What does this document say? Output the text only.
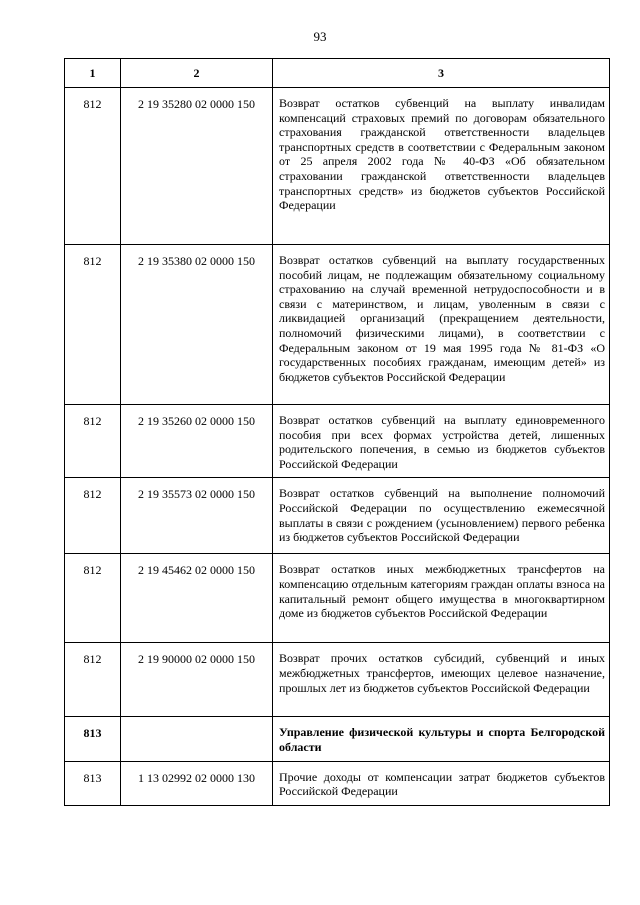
93
1	2	3
812	2 19 35280 02 0000 150	Возврат остатков субвенций на выплату инвалидам компенсаций страховых премий по договорам обязательного страхования гражданской ответственности владельцев транспортных средств в соответствии с Федеральным законом от 25 апреля 2002 года № 40-ФЗ «Об обязательном страховании гражданской ответственности владельцев транспортных средств» из бюджетов субъектов Российской Федерации
812	2 19 35380 02 0000 150	Возврат остатков субвенций на выплату государственных пособий лицам, не подлежащим обязательному социальному страхованию на случай временной нетрудоспособности и в связи с материнством, и лицам, уволенным в связи с ликвидацией организаций (прекращением деятельности, полномочий физическими лицами), в соответствии с Федеральным законом от 19 мая 1995 года № 81-ФЗ «О государственных пособиях гражданам, имеющим детей» из бюджетов субъектов Российской Федерации
812	2 19 35260 02 0000 150	Возврат остатков субвенций на выплату единовременного пособия при всех формах устройства детей, лишенных родительского попечения, в семью из бюджетов субъектов Российской Федерации
812	2 19 35573 02 0000 150	Возврат остатков субвенций на выполнение полномочий Российской Федерации по осуществлению ежемесячной выплаты в связи с рождением (усыновлением) первого ребенка из бюджетов субъектов Российской Федерации
812	2 19 45462 02 0000 150	Возврат остатков иных межбюджетных трансфертов на компенсацию отдельным категориям граждан оплаты взноса на капитальный ремонт общего имущества в многоквартирном доме из бюджетов субъектов Российской Федерации
812	2 19 90000 02 0000 150	Возврат прочих остатков субсидий, субвенций и иных межбюджетных трансфертов, имеющих целевое назначение, прошлых лет из бюджетов субъектов Российской Федерации
813		Управление физической культуры и спорта Белгородской области
813	1 13 02992 02 0000 130	Прочие доходы от компенсации затрат бюджетов субъектов Российской Федерации
